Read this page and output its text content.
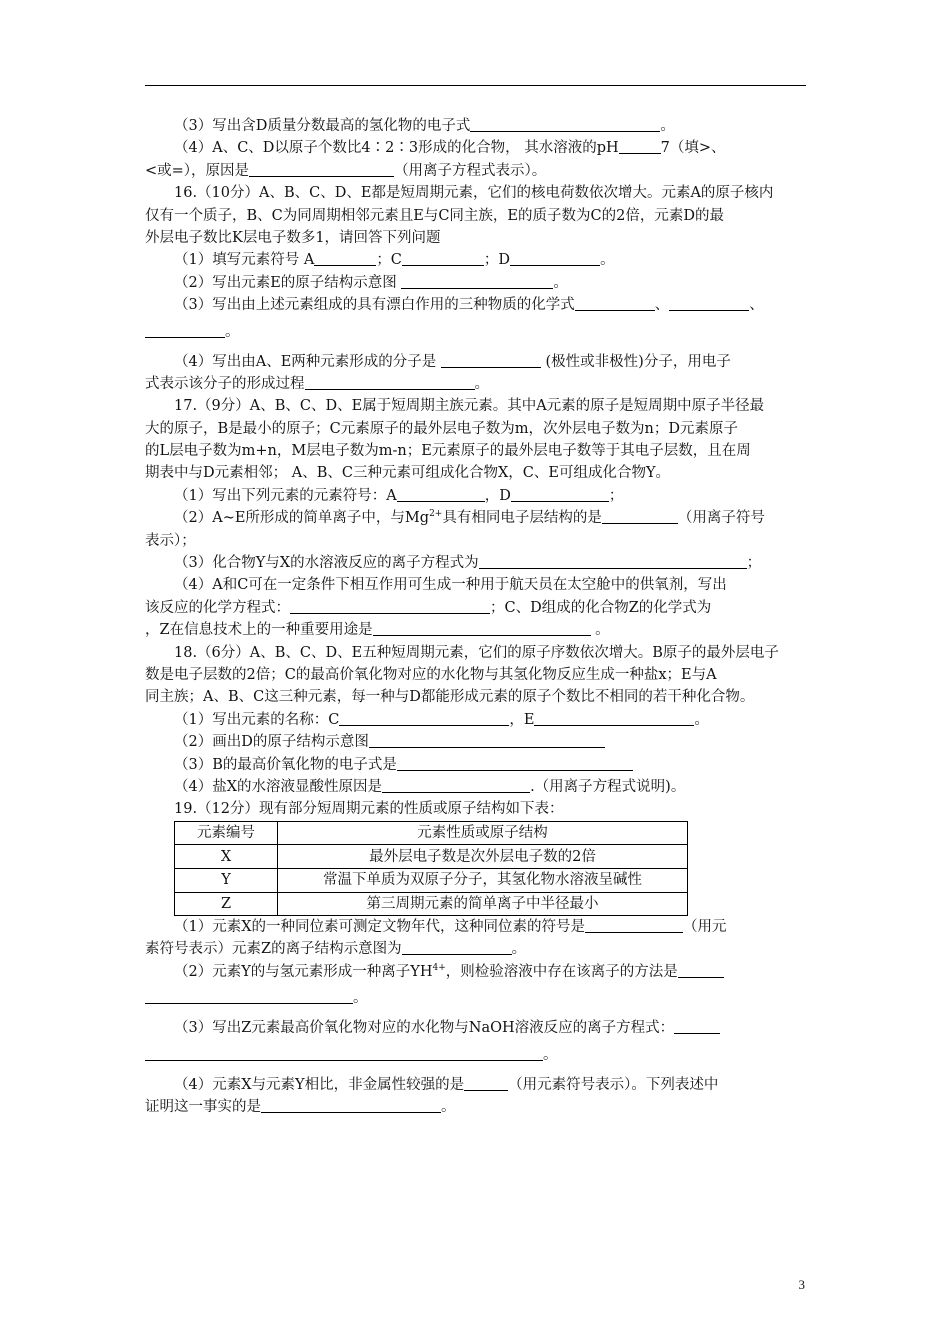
（3）写出含D质量分数最高的氢化物的电子式	。
（4）A、C、D以原子个数比4∶2∶3形成的化合物， 其水溶液的pH	7（填>、
<或=），原因是	（用离子方程式表示）。
16.（10分）A、B、C、D、E都是短周期元素，它们的核电荷数依次增大。元素A的原子核内
仅有一个质子，B、C为同周期相邻元素且E与C同主族，E的质子数为C的2倍，元素D的最
外层电子数比K层电子数多1，请回答下列问题
（1）填写元素符号 A	；C	；D	。
（2）写出元素E的原子结构示意图	。
（3）写出由上述元素组成的具有漂白作用的三种物质的化学式	、	、
。
（4）写出由A、E两种元素形成的分子是	(极性或非极性)分子，用电子
式表示该分子的形成过程	。
17.（9分）A、B、C、D、E属于短周期主族元素。其中A元素的原子是短周期中原子半径最
大的原子，B是最小的原子；C元素原子的最外层电子数为m，次外层电子数为n；D元素原子
的L层电子数为m+n，M层电子数为m-n；E元素原子的最外层电子数等于其电子层数，且在周
期表中与D元素相邻； A、B、C三种元素可组成化合物X，C、E可组成化合物Y。
（1）写出下列元素的元素符号：A	，D	；
（2）A~E所形成的简单离子中，与$Mg^{2+}$具有相同电子层结构的是	（用离子符号
表示）；
（3）化合物Y与X的水溶液反应的离子方程式为	；
（4）A和C可在一定条件下相互作用可生成一种用于航天员在太空舱中的供氧剂，写出
该反应的化学方程式：	；C、D组成的化合物Z的化学式为
，Z在信息技术上的一种重要用途是	。
18.（6分）A、B、C、D、E五种短周期元素，它们的原子序数依次增大。B原子的最外层电子
数是电子层数的2倍；C的最高价氧化物对应的水化物与其氢化物反应生成一种盐x；E与A
同主族；A、B、C这三种元素，每一种与D都能形成元素的原子个数比不相同的若干种化合物。
（1）写出元素的名称：C	，E	。
（2）画出D的原子结构示意图
（3）B的最高价氧化物的电子式是
（4）盐X的水溶液显酸性原因是	.（用离子方程式说明)。
19.（12分）现有部分短周期元素的性质或原子结构如下表：
元素编号	元素性质或原子结构
X	最外层电子数是次外层电子数的2倍
Y	常温下单质为双原子分子，其氢化物水溶液呈碱性
Z	第三周期元素的简单离子中半径最小
（1）元素X的一种同位素可测定文物年代，这种同位素的符号是	（用元
素符号表示）元素Z的离子结构示意图为	。
（2）元素Y的与氢元素形成一种离子$YH^{4+}$，则检验溶液中存在该离子的方法是
。
（3）写出Z元素最高价氧化物对应的水化物与NaOH溶液反应的离子方程式：
。
（4）元素X与元素Y相比，非金属性较强的是	（用元素符号表示）。下列表述中
证明这一事实的是	。
3
